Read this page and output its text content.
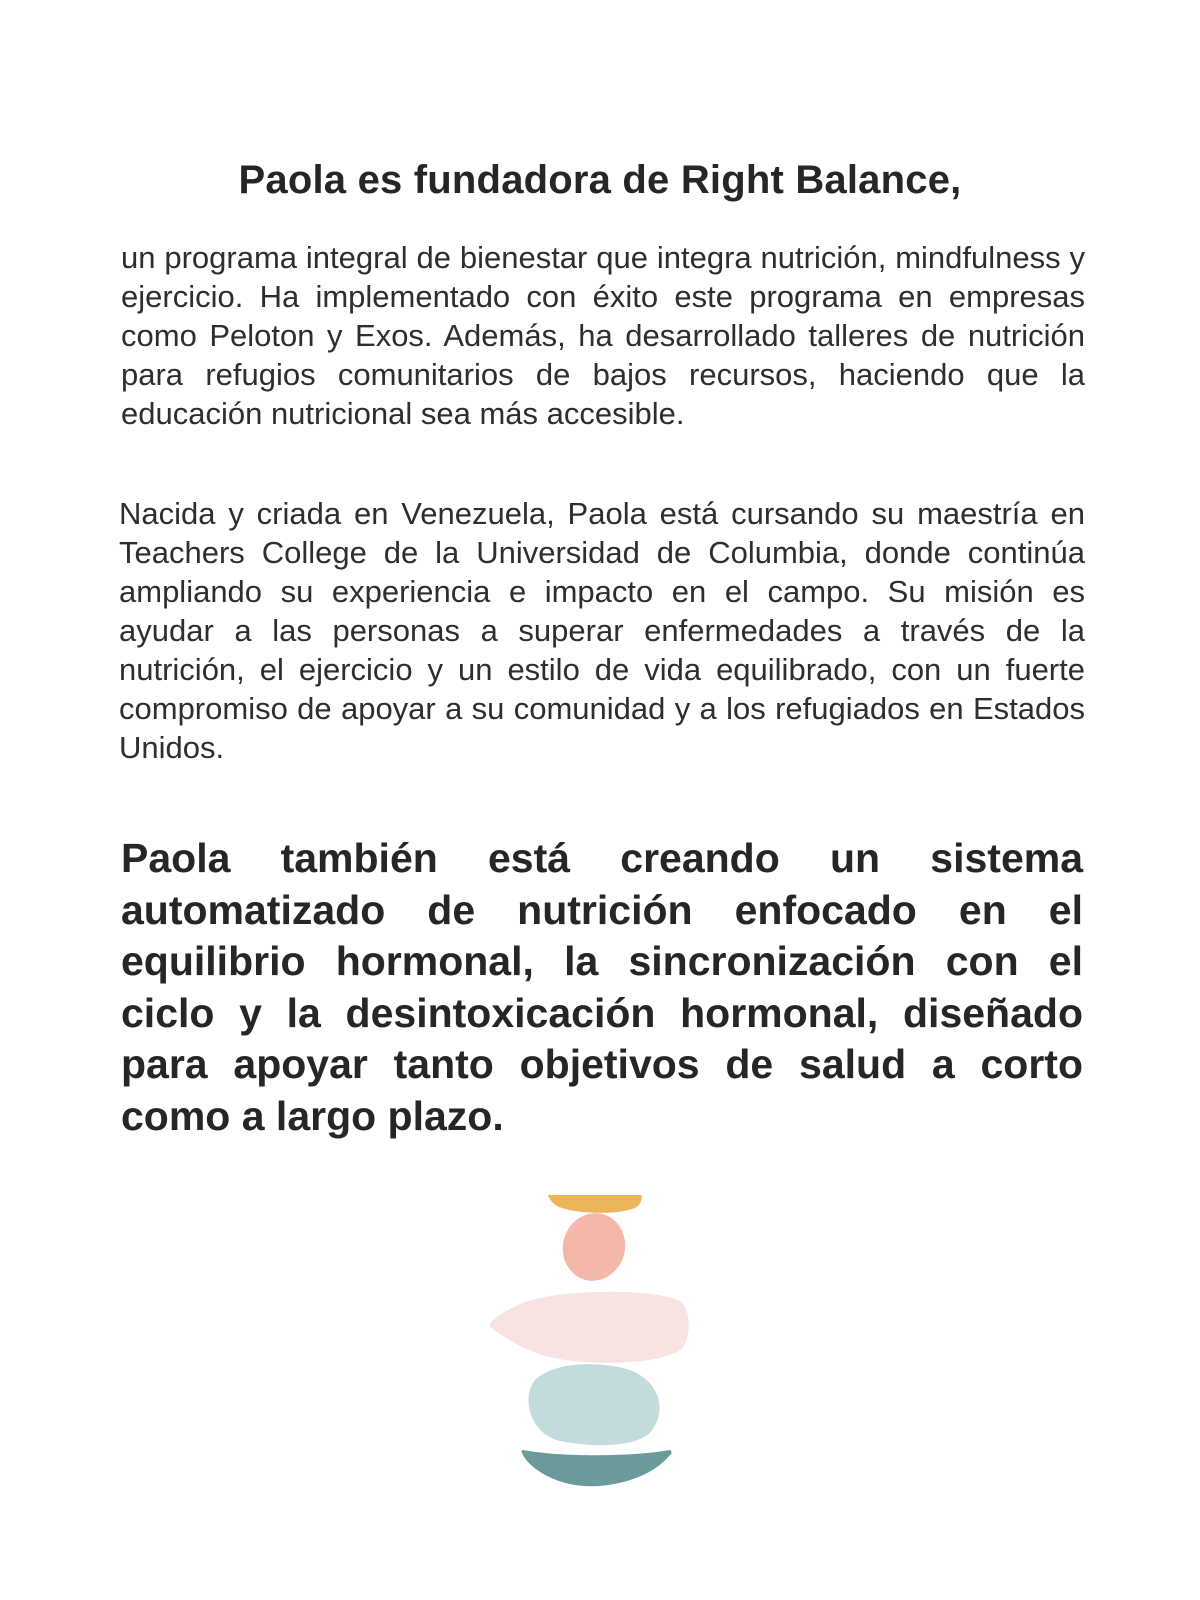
Paola es fundadora de Right Balance,

un programa integral de bienestar que integra nutrición, mindfulness y ejercicio. Ha implementado con éxito este programa en empresas como Peloton y Exos. Además, ha desarrollado talleres de nutrición para refugios comunitarios de bajos recursos, haciendo que la educación nutricional sea más accesible.

Nacida y criada en Venezuela, Paola está cursando su maestría en Teachers College de la Universidad de Columbia, donde continúa ampliando su experiencia e impacto en el campo. Su misión es ayudar a las personas a superar enfermedades a través de la nutrición, el ejercicio y un estilo de vida equilibrado, con un fuerte compromiso de apoyar a su comunidad y a los refugiados en Estados Unidos.

Paola también está creando un sistema automatizado de nutrición enfocado en el equilibrio hormonal, la sincronización con el ciclo y la desintoxicación hormonal, diseñado para apoyar tanto objetivos de salud a corto como a largo plazo.
